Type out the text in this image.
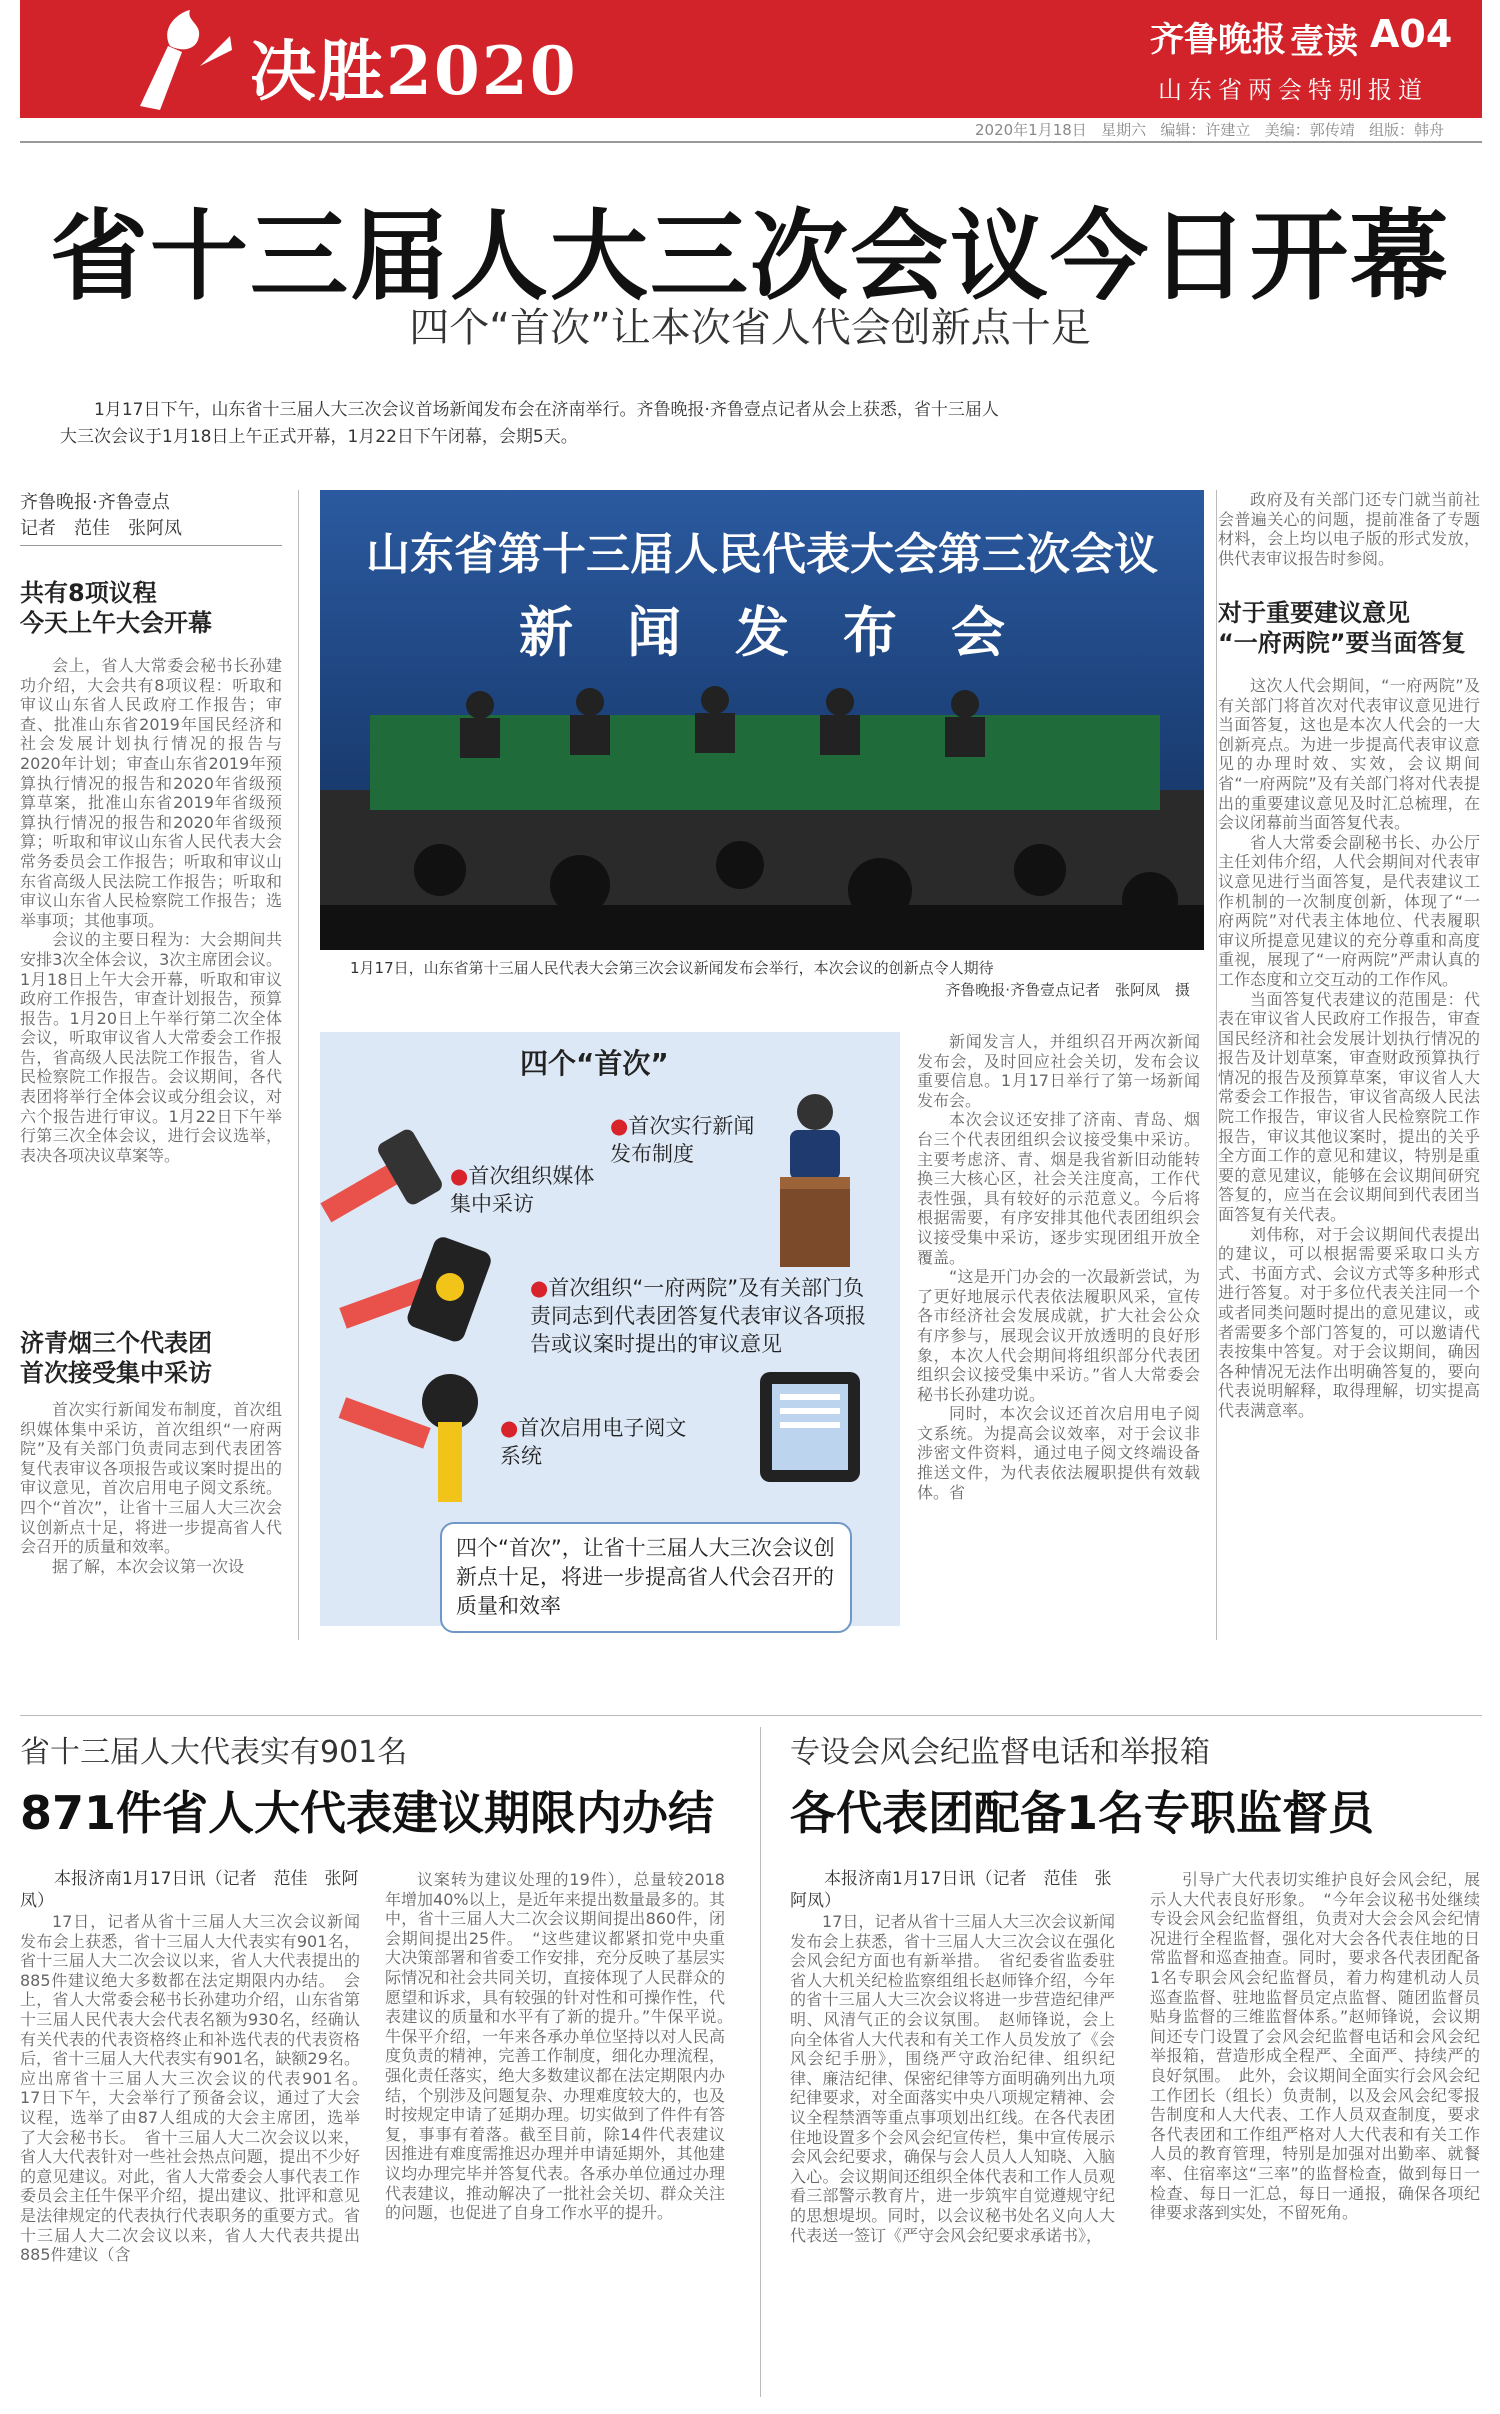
决胜2020	齐鲁晚报 壹读 A04
山东省两会特别报道
2020年1月18日   星期六   编辑：许建立   美编：郭传靖   组版：韩舟
省十三届人大三次会议今日开幕
四个“首次”让本次省人代会创新点十足
1月17日下午，山东省十三届人大三次会议首场新闻发布会在济南举行。齐鲁晚报·齐鲁壹点记者从会上获悉，省十三届人大三次会议于1月18日上午正式开幕，1月22日下午闭幕，会期5天。
齐鲁晚报·齐鲁壹点
记者　范佳　张阿凤
共有8项议程
今天上午大会开幕

会上，省人大常委会秘书长孙建功介绍，大会共有8项议程：听取和审议山东省人民政府工作报告；审查、批准山东省2019年国民经济和社会发展计划执行情况的报告与2020年计划；审查山东省2019年预算执行情况的报告和2020年省级预算草案，批准山东省2019年省级预算执行情况的报告和2020年省级预算；听取和审议山东省人民代表大会常务委员会工作报告；听取和审议山东省高级人民法院工作报告；听取和审议山东省人民检察院工作报告；选举事项；其他事项。

会议的主要日程为：大会期间共安排3次全体会议，3次主席团会议。1月18日上午大会开幕，听取和审议政府工作报告，审查计划报告，预算报告。1月20日上午举行第二次全体会议，听取审议省人大常委会工作报告，省高级人民法院工作报告，省人民检察院工作报告。会议期间，各代表团将举行全体会议或分组会议，对六个报告进行审议。1月22日下午举行第三次全体会议，进行会议选举，表决各项决议草案等。

济青烟三个代表团
首次接受集中采访

首次实行新闻发布制度，首次组织媒体集中采访，首次组织“一府两院”及有关部门负责同志到代表团答复代表审议各项报告或议案时提出的审议意见，首次启用电子阅文系统。四个“首次”，让省十三届人大三次会议创新点十足，将进一步提高省人代会召开的质量和效率。

据了解，本次会议第一次设

山东省第十三届人民代表大会第三次会议
新　闻　发　布　会
1月17日，山东省第十三届人民代表大会第三次会议新闻发布会举行，本次会议的创新点令人期待
齐鲁晚报·齐鲁壹点记者　张阿凤　摄
四个“首次”
●首次实行新闻发布制度
●首次组织媒体集中采访
●首次组织“一府两院”及有关部门负责同志到代表团答复代表审议各项报告或议案时提出的审议意见
●首次启用电子阅文系统
四个“首次”，让省十三届人大三次会议创新点十足，将进一步提高省人代会召开的质量和效率

新闻发言人，并组织召开两次新闻发布会，及时回应社会关切，发布会议重要信息。1月17日举行了第一场新闻发布会。

本次会议还安排了济南、青岛、烟台三个代表团组织会议接受集中采访。主要考虑济、青、烟是我省新旧动能转换三大核心区，社会关注度高，工作代表性强，具有较好的示范意义。今后将根据需要，有序安排其他代表团组织会议接受集中采访，逐步实现团组开放全覆盖。

“这是开门办会的一次最新尝试，为了更好地展示代表依法履职风采，宣传各市经济社会发展成就，扩大社会公众有序参与，展现会议开放透明的良好形象，本次人代会期间将组织部分代表团组织会议接受集中采访。”省人大常委会秘书长孙建功说。

同时，本次会议还首次启用电子阅文系统。为提高会议效率，对于会议非涉密文件资料，通过电子阅文终端设备推送文件，为代表依法履职提供有效载体。省

政府及有关部门还专门就当前社会普遍关心的问题，提前准备了专题材料，会上均以电子版的形式发放，供代表审议报告时参阅。

对于重要建议意见
“一府两院”要当面答复

这次人代会期间，“一府两院”及有关部门将首次对代表审议意见进行当面答复，这也是本次人代会的一大创新亮点。为进一步提高代表审议意见的办理时效、实效，会议期间省“一府两院”及有关部门将对代表提出的重要建议意见及时汇总梳理，在会议闭幕前当面答复代表。

省人大常委会副秘书长、办公厅主任刘伟介绍，人代会期间对代表审议意见进行当面答复，是代表建议工作机制的一次制度创新，体现了“一府两院”对代表主体地位、代表履职审议所提意见建议的充分尊重和高度重视，展现了“一府两院”严肃认真的工作态度和立交互动的工作作风。

当面答复代表建议的范围是：代表在审议省人民政府工作报告，审查国民经济和社会发展计划执行情况的报告及计划草案，审查财政预算执行情况的报告及预算草案，审议省人大常委会工作报告，审议省高级人民法院工作报告，审议省人民检察院工作报告，审议其他议案时，提出的关乎全方面工作的意见和建议，特别是重要的意见建议，能够在会议期间研究答复的，应当在会议期间到代表团当面答复有关代表。

刘伟称，对于会议期间代表提出的建议，可以根据需要采取口头方式、书面方式、会议方式等多种形式进行答复。对于多位代表关注同一个或者同类问题时提出的意见建议，或者需要多个部门答复的，可以邀请代表按集中答复。对于会议期间，确因各种情况无法作出明确答复的，要向代表说明解释，取得理解，切实提高代表满意率。

省十三届人大代表实有901名
871件省人大代表建议期限内办结
本报济南1月17日讯（记者　范佳　张阿凤）

17日，记者从省十三届人大三次会议新闻发布会上获悉，省十三届人大代表实有901名，省十三届人大二次会议以来，省人大代表提出的885件建议绝大多数都在法定期限内办结。　会上，省人大常委会秘书长孙建功介绍，山东省第十三届人民代表大会代表名额为930名，经确认有关代表的代表资格终止和补选代表的代表资格后，省十三届人大代表实有901名，缺额29名。应出席省十三届人大三次会议的代表901名。　17日下午，大会举行了预备会议，通过了大会议程，选举了由87人组成的大会主席团，选举了大会秘书长。　省十三届人大二次会议以来，省人大代表针对一些社会热点问题，提出不少好的意见建议。对此，省人大常委会人事代表工作委员会主任牛保平介绍，提出建议、批评和意见是法律规定的代表执行代表职务的重要方式。省十三届人大二次会议以来，省人大代表共提出885件建议（含

议案转为建议处理的19件），总量较2018年增加40%以上，是近年来提出数量最多的。其中，省十三届人大二次会议期间提出860件，闭会期间提出25件。　“这些建议都紧扣党中央重大决策部署和省委工作安排，充分反映了基层实际情况和社会共同关切，直接体现了人民群众的愿望和诉求，具有较强的针对性和可操作性，代表建议的质量和水平有了新的提升。”牛保平说。　牛保平介绍，一年来各承办单位坚持以对人民高度负责的精神，完善工作制度，细化办理流程，强化责任落实，绝大多数建议都在法定期限内办结，个别涉及问题复杂、办理难度较大的，也及时按规定申请了延期办理。切实做到了件件有答复，事事有着落。截至目前，除14件代表建议因推进有难度需推迟办理并申请延期外，其他建议均办理完毕并答复代表。各承办单位通过办理代表建议，推动解决了一批社会关切、群众关注的问题，也促进了自身工作水平的提升。

专设会风会纪监督电话和举报箱
各代表团配备1名专职监督员
本报济南1月17日讯（记者　范佳　张阿凤）

17日，记者从省十三届人大三次会议新闻发布会上获悉，省十三届人大三次会议在强化会风会纪方面也有新举措。　省纪委省监委驻省人大机关纪检监察组组长赵师锋介绍，今年的省十三届人大三次会议将进一步营造纪律严明、风清气正的会议氛围。　赵师锋说，会上向全体省人大代表和有关工作人员发放了《会风会纪手册》，围绕严守政治纪律、组织纪律、廉洁纪律、保密纪律等方面明确列出九项纪律要求，对全面落实中央八项规定精神、会议全程禁酒等重点事项划出红线。在各代表团住地设置多个会风会纪宣传栏，集中宣传展示会风会纪要求，确保与会人员人人知晓、入脑入心。会议期间还组织全体代表和工作人员观看三部警示教育片，进一步筑牢自觉遵规守纪的思想堤坝。同时，以会议秘书处名义向人大代表送一签订《严守会风会纪要求承诺书》，

引导广大代表切实维护良好会风会纪，展示人大代表良好形象。　“今年会议秘书处继续专设会风会纪监督组，负责对大会会风会纪情况进行全程监督，强化对大会各代表住地的日常监督和巡查抽查。同时，要求各代表团配备1名专职会风会纪监督员，着力构建机动人员巡查监督、驻地监督员定点监督、随团监督员贴身监督的三维监督体系。”赵师锋说，会议期间还专门设置了会风会纪监督电话和会风会纪举报箱，营造形成全程严、全面严、持续严的良好氛围。　此外，会议期间全面实行会风会纪工作团长（组长）负责制，以及会风会纪零报告制度和人大代表、工作人员双查制度，要求各代表团和工作组严格对人大代表和有关工作人员的教育管理，特别是加强对出勤率、就餐率、住宿率这“三率”的监督检查，做到每日一检查、每日一汇总，每日一通报，确保各项纪律要求落到实处，不留死角。
